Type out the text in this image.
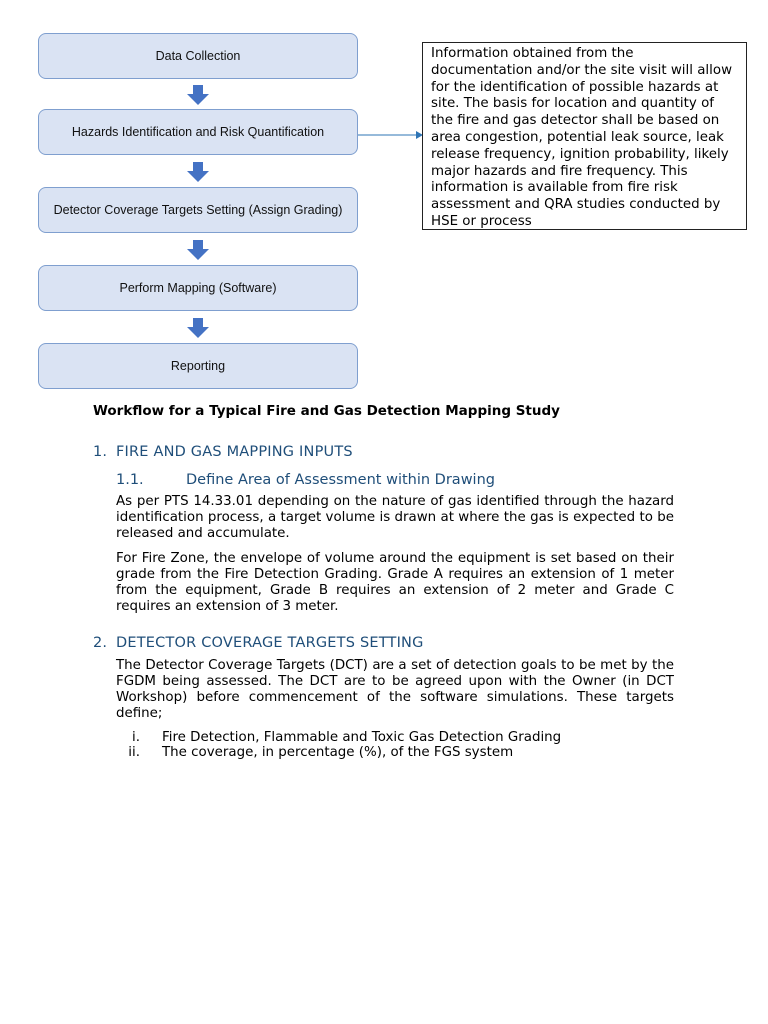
Data Collection
Hazards Identification and Risk Quantification
Detector Coverage Targets Setting (Assign Grading)
Perform Mapping (Software)
Reporting
Information obtained from the documentation and/or the site visit will allow for the identification of possible hazards at site. The basis for location and quantity of the fire and gas detector shall be based on area congestion, potential leak source, leak release frequency, ignition probability, likely major hazards and fire frequency. This information is available from fire risk assessment and QRA studies conducted by HSE or process
Workflow for a Typical Fire and Gas Detection Mapping Study
1. FIRE AND GAS MAPPING INPUTS
1.1.	Define Area of Assessment within Drawing
As per PTS 14.33.01 depending on the nature of gas identified through the hazard identification process, a target volume is drawn at where the gas is expected to be released and accumulate.
For Fire Zone, the envelope of volume around the equipment is set based on their grade from the Fire Detection Grading. Grade A requires an extension of 1 meter from the equipment, Grade B requires an extension of 2 meter and Grade C requires an extension of 3 meter.
2. DETECTOR COVERAGE TARGETS SETTING
The Detector Coverage Targets (DCT) are a set of detection goals to be met by the FGDM being assessed. The DCT are to be agreed upon with the Owner (in DCT Workshop) before commencement of the software simulations. These targets define;
i. Fire Detection, Flammable and Toxic Gas Detection Grading
ii. The coverage, in percentage (%), of the FGS system
